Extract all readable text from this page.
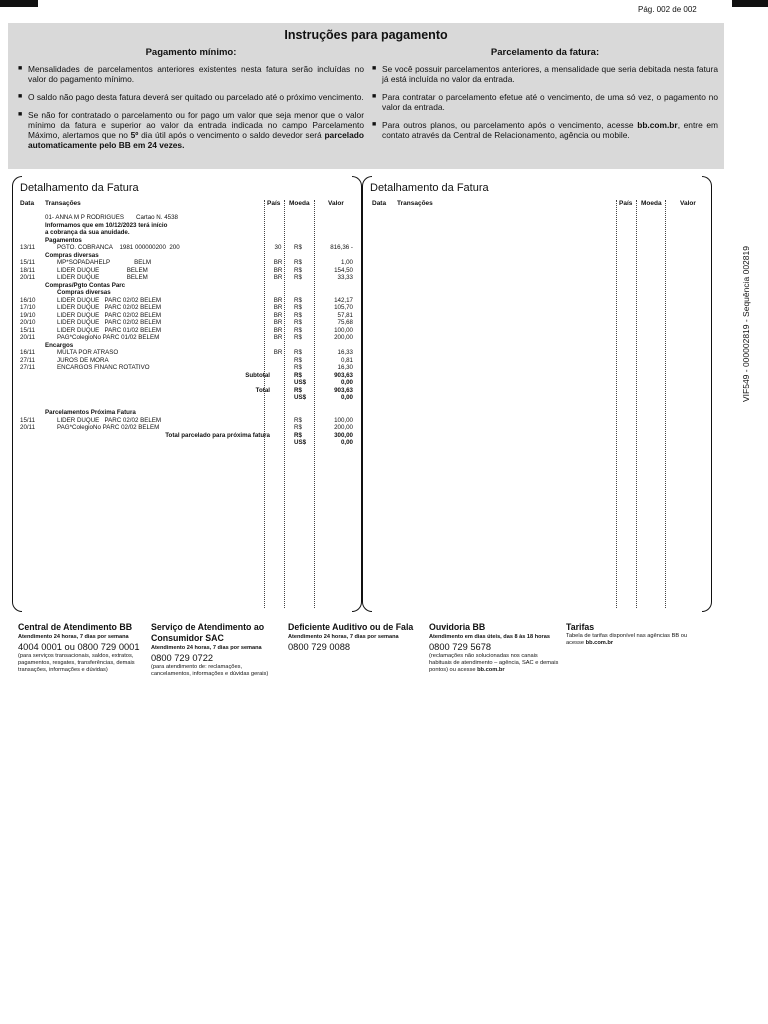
Pág. 002 de 002
Instruções para pagamento
Pagamento mínimo:
■ Mensalidades de parcelamentos anteriores existentes nesta fatura serão incluídas no valor do pagamento mínimo.
■ O saldo não pago desta fatura deverá ser quitado ou parcelado até o próximo vencimento.
■ Se não for contratado o parcelamento ou for pago um valor que seja menor que o valor mínimo da fatura e superior ao valor da entrada indicada no campo Parcelamento Máximo, alertamos que no 5º dia útil após o vencimento o saldo devedor será parcelado automaticamente pelo BB em 24 vezes.
Parcelamento da fatura:
■ Se você possuir parcelamentos anteriores, a mensalidade que seria debitada nesta fatura já está incluída no valor da entrada.
■ Para contratar o parcelamento efetue até o vencimento, de uma só vez, o pagamento no valor da entrada.
■ Para outros planos, ou parcelamento após o vencimento, acesse bb.com.br, entre em contato através da Central de Relacionamento, agência ou mobile.
VIF549 - 000002819 - Sequência 002819
Detalhamento da Fatura
Data Transações	País Moeda	Valor
01- ANNA M P RODRIGUES       Cartao N. 4538
Informamos que em 10/12/2023 terá início
a cobrança da sua anuidade.
Pagamentos
13/11	PGTO. COBRANCA    1981 000000200  200	30	R$	816,36 -
Compras diversas
15/11	MP*SOPADAHELP              BELM	BR R$	1,00
18/11	LIDER DUQUE                BELEM	BR R$	154,50
20/11	LIDER DUQUE                BELEM	BR R$	33,33
Compras/Pgto Contas Parc
Compras diversas
16/10	LIDER DUQUE   PARC 02/02 BELEM	BR R$	142,17
17/10	LIDER DUQUE   PARC 02/02 BELEM	BR R$	105,70
19/10	LIDER DUQUE   PARC 02/02 BELEM	BR R$	57,81
20/10	LIDER DUQUE   PARC 02/02 BELEM	BR R$	75,68
15/11	LIDER DUQUE   PARC 01/02 BELEM	BR R$	100,00
20/11	PAG*ColegioNo PARC 01/02 BELEM	BR R$	200,00
Encargos
16/11	MULTA POR ATRASO	BR R$	16,33
27/11	JUROS DE MORA	R$	0,81
27/11	ENCARGOS FINANC ROTATIVO	R$	16,30
Subtotal	R$	903,63
US$	0,00
Total	R$	903,63
US$	0,00
Parcelamentos Próxima Fatura
15/11	LIDER DUQUE   PARC 02/02 BELEM	R$	100,00
20/11	PAG*ColegioNo PARC 02/02 BELEM	R$	200,00
Total parcelado para próxima fatura	R$	300,00
US$	0,00
Detalhamento da Fatura
Data Transações	País Moeda	Valor
Central de Atendimento BB
Atendimento 24 horas, 7 dias por semana
4004 0001 ou 0800 729 0001
(para serviços transacionais, saldos, extratos, pagamentos, resgates, transferências, demais transações, informações e dúvidas)
Serviço de Atendimento ao Consumidor SAC
Atendimento 24 horas, 7 dias por semana
0800 729 0722
(para atendimento de: reclamações, cancelamentos, informações e dúvidas gerais)
Deficiente Auditivo ou de Fala
Atendimento 24 horas, 7 dias por semana
0800 729 0088
Ouvidoria BB
Atendimento em dias úteis, das 8 às 18 horas
0800 729 5678
(reclamações não solucionadas nos canais habituais de atendimento – agência, SAC e demais pontos) ou acesse bb.com.br
Tarifas
Tabela de tarifas disponível nas agências BB ou acesse bb.com.br
